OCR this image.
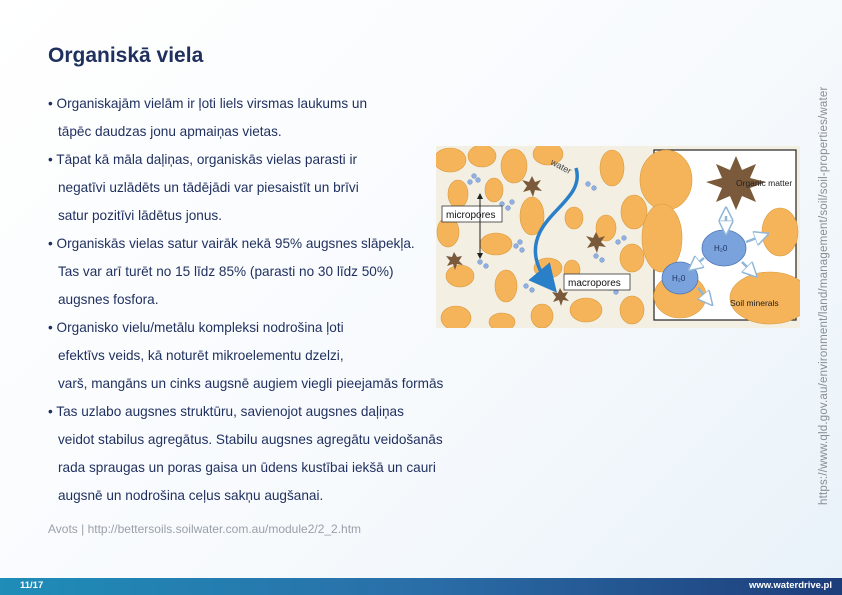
Organiskā viela
• Organiskajām vielām ir ļoti liels virsmas laukums un
tāpēc daudzas jonu apmaiņas vietas.
• Tāpat kā māla daļiņas, organiskās vielas parasti ir
negatīvi uzlādēts un tādējādi var piesaistīt un brīvi
satur pozitīvi lādētus jonus.
• Organiskās vielas satur vairāk nekā 95% augsnes slāpekļa.
Tas var arī turēt no 15 līdz 85% (parasti no 30 līdz 50%)
augsnes fosfora.
• Organisko vielu/metālu kompleksi nodrošina ļoti
efektīvs veids, kā noturēt mikroelementu dzelzi,
varš, mangāns un cinks augsnē augiem viegli pieejamās formās
• Tas uzlabo augsnes struktūru, savienojot augsnes daļiņas
veidot stabilus agregātus. Stabilu augsnes agregātu veidošanās
rada spraugas un poras gaisa un ūdens kustībai iekšā un cauri
augsnē un nodrošina ceļus sakņu augšanai.
water
micropores
macropores
Organic matter
H₂0
H₂0
Soil minerals
Avots | http://bettersoils.soilwater.com.au/module2/2_2.htm
https://www.qld.gov.au/environment/land/management/soil/soil-properties/water
11/17	www.waterdrive.pl
